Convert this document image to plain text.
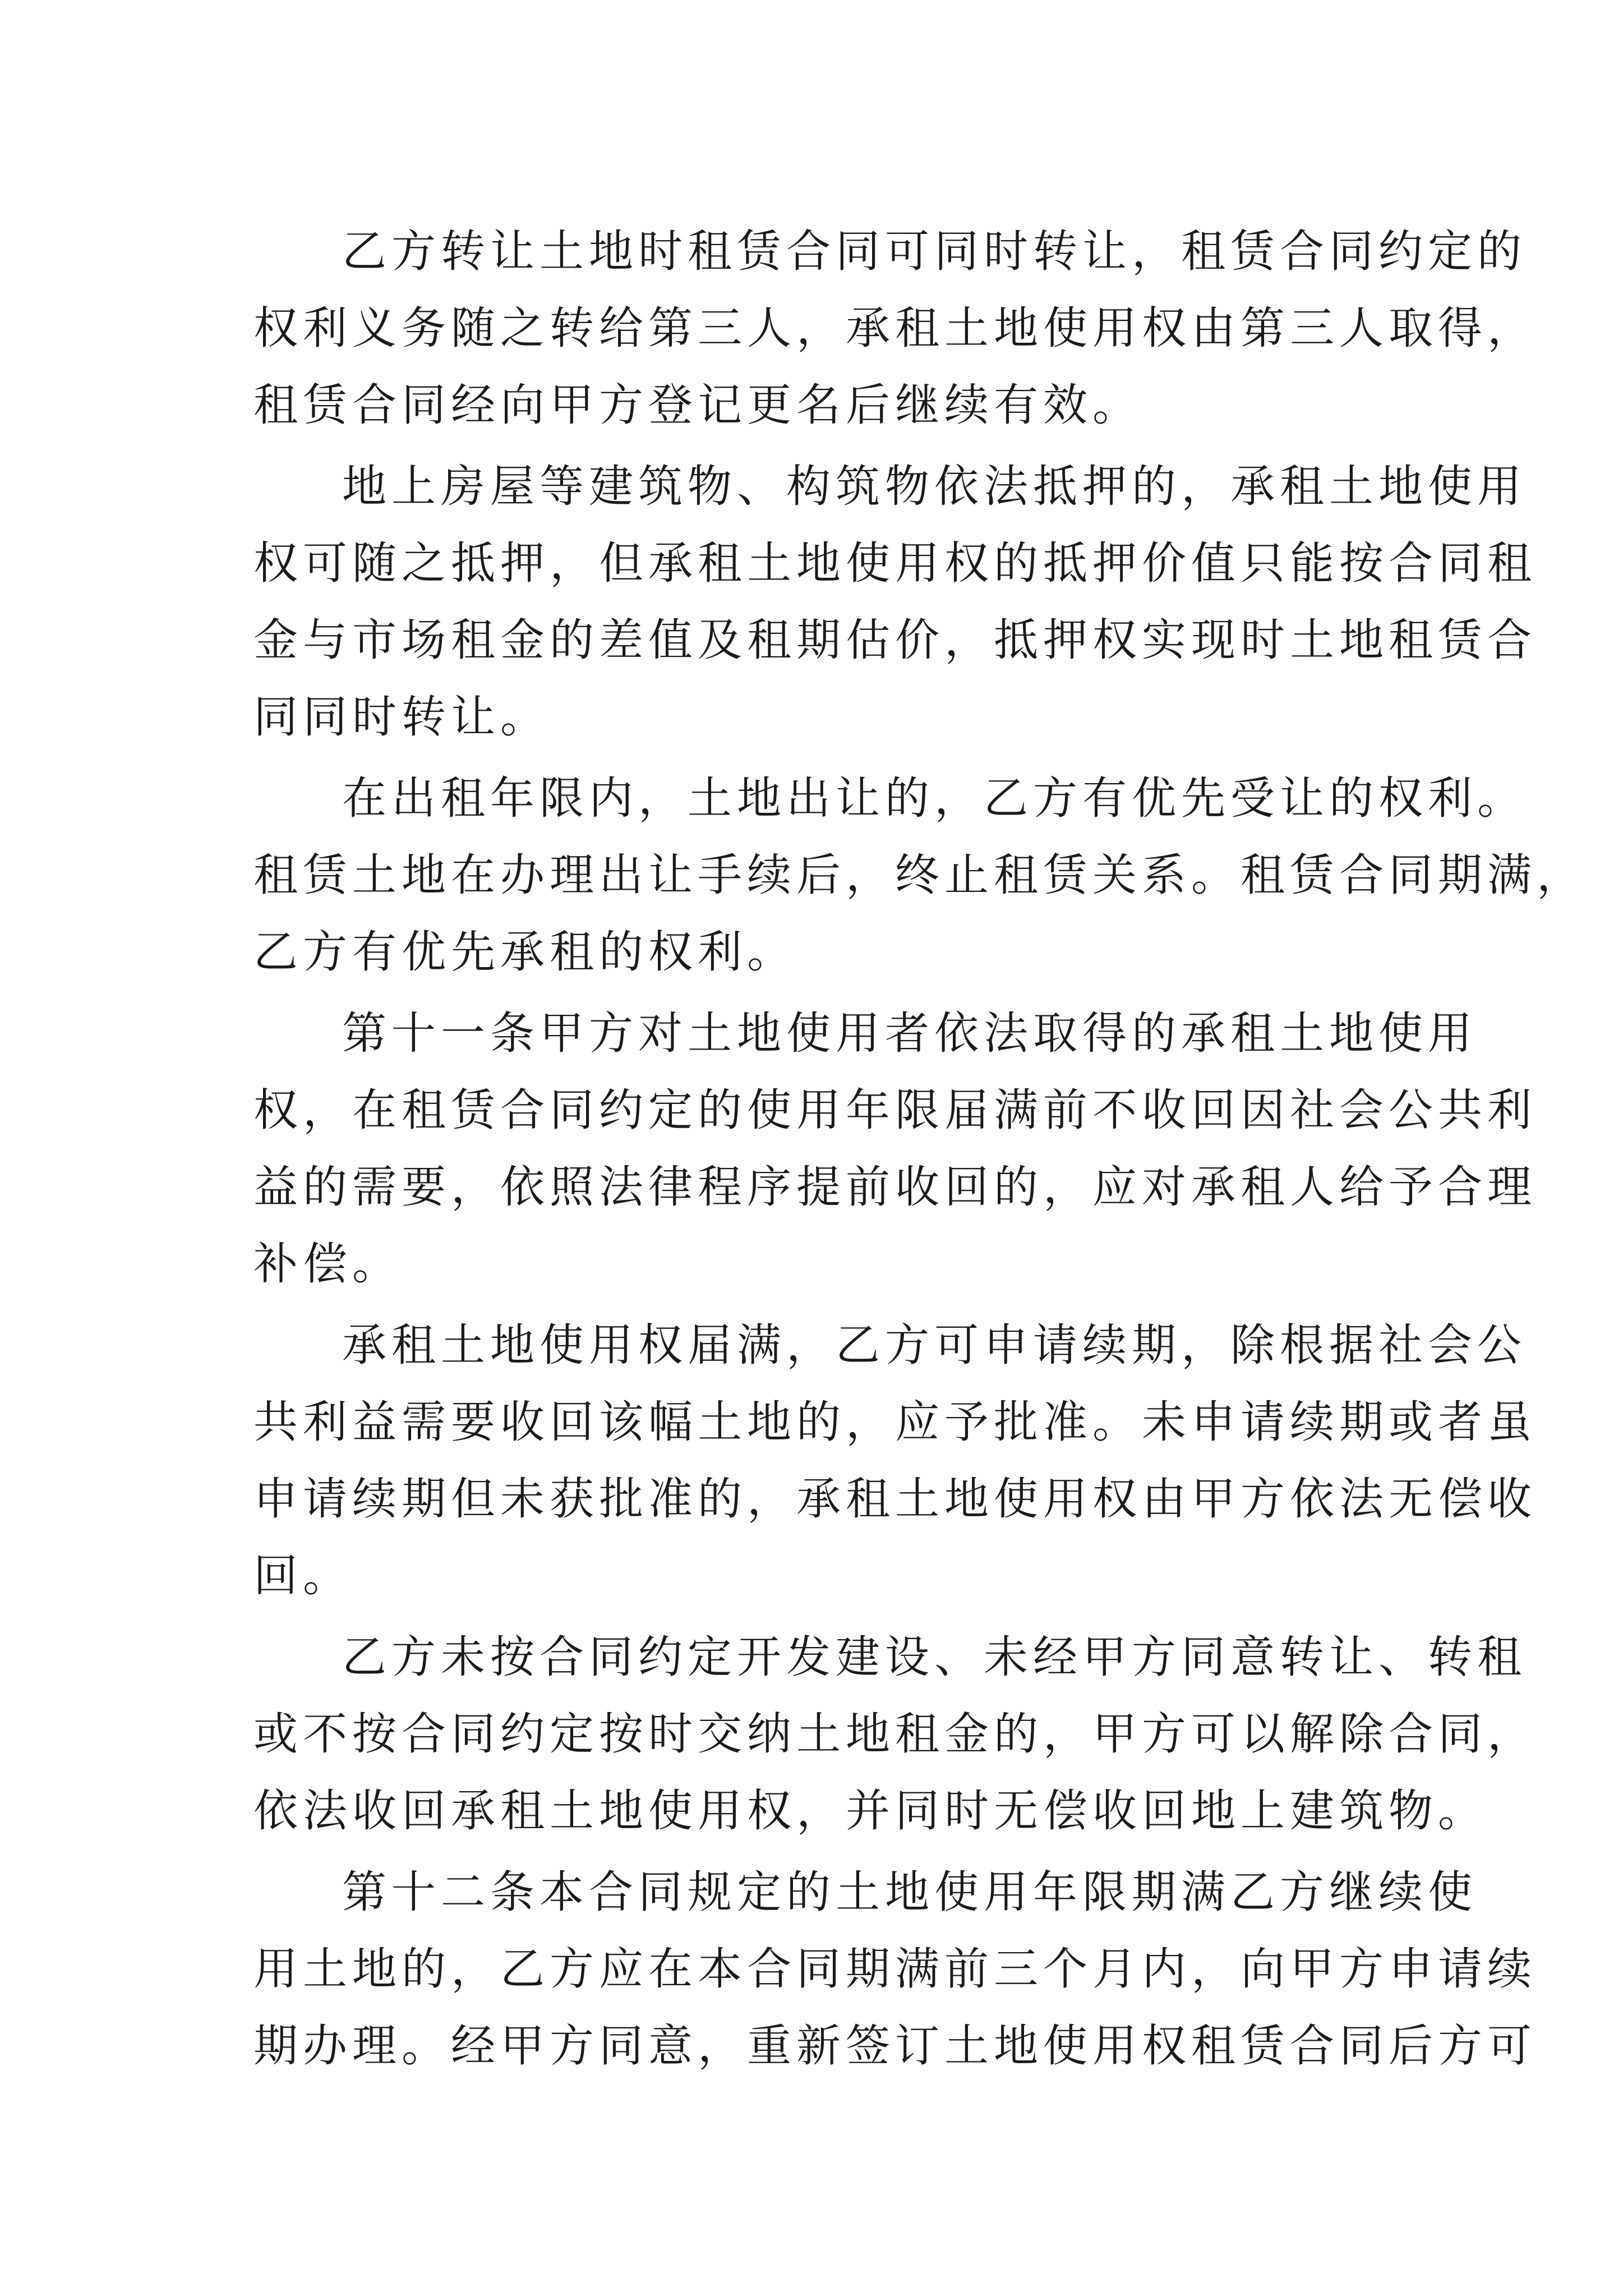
乙方转让土地时租赁合同可同时转让，租赁合同约定的
权利义务随之转给第三人，承租土地使用权由第三人取得，
租赁合同经向甲方登记更名后继续有效。
地上房屋等建筑物、构筑物依法抵押的，承租土地使用
权可随之抵押，但承租土地使用权的抵押价值只能按合同租
金与市场租金的差值及租期估价，抵押权实现时土地租赁合
同同时转让。
在出租年限内，土地出让的，乙方有优先受让的权利。
租赁土地在办理出让手续后，终止租赁关系。租赁合同期满，
乙方有优先承租的权利。
第十一条甲方对土地使用者依法取得的承租土地使用
权，在租赁合同约定的使用年限届满前不收回因社会公共利
益的需要，依照法律程序提前收回的，应对承租人给予合理
补偿。
承租土地使用权届满，乙方可申请续期，除根据社会公
共利益需要收回该幅土地的，应予批准。未申请续期或者虽
申请续期但未获批准的，承租土地使用权由甲方依法无偿收
回。
乙方未按合同约定开发建设、未经甲方同意转让、转租
或不按合同约定按时交纳土地租金的，甲方可以解除合同，
依法收回承租土地使用权，并同时无偿收回地上建筑物。
第十二条本合同规定的土地使用年限期满乙方继续使
用土地的，乙方应在本合同期满前三个月内，向甲方申请续
期办理。经甲方同意，重新签订土地使用权租赁合同后方可
